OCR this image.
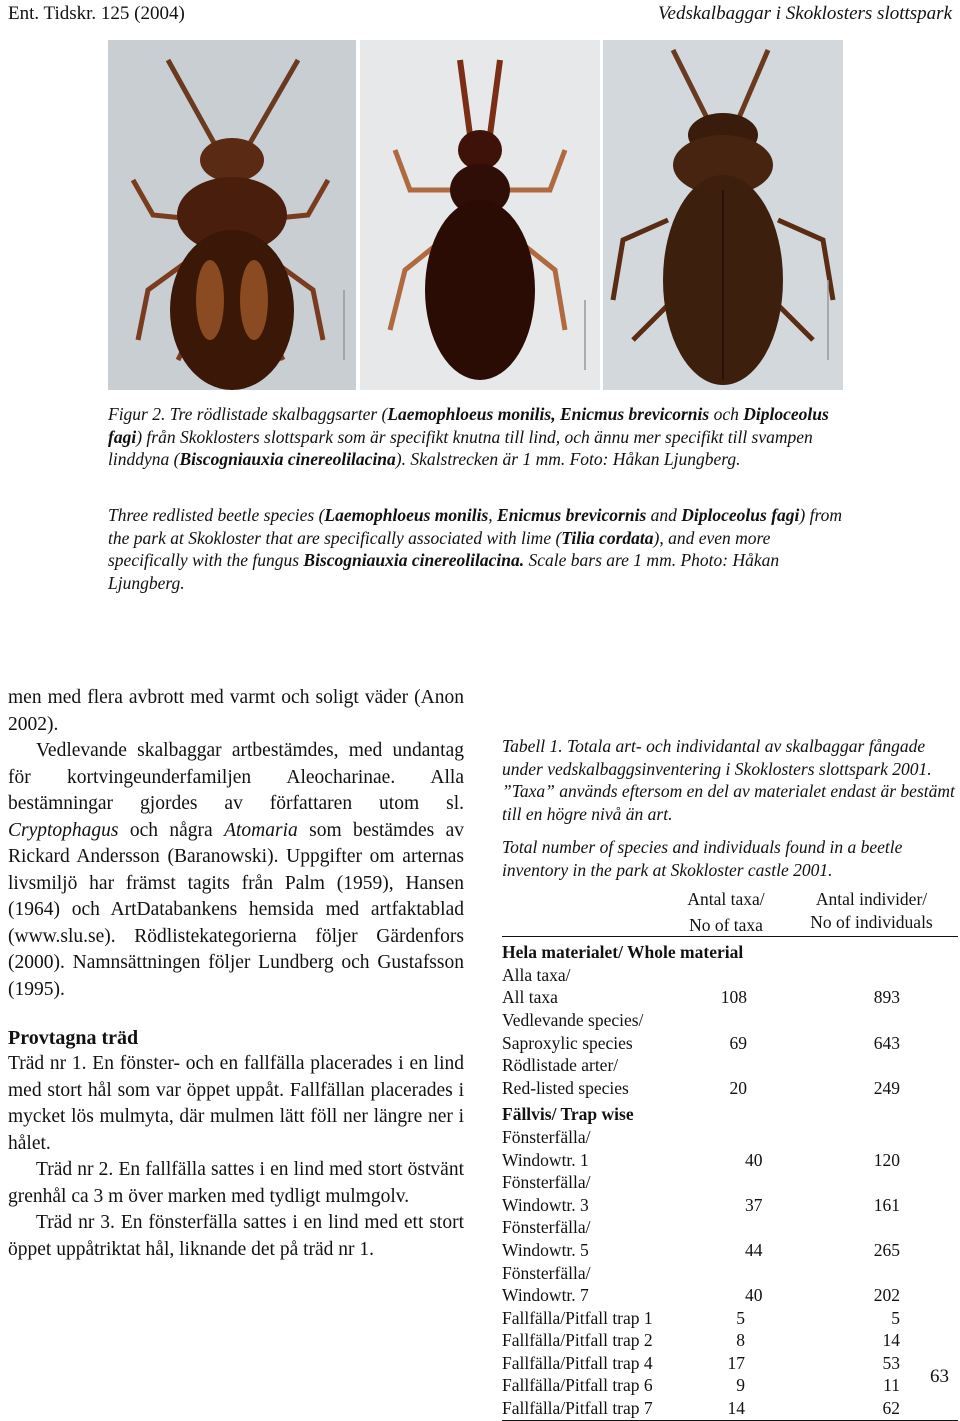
Ent. Tidskr. 125 (2004)	Vedskalbaggar i Skoklosters slottspark

Figur 2. Tre rödlistade skalbaggsarter (Laemophloeus monilis, Enicmus brevicornis och Diploceolus fagi) från Skoklosters slottspark som är specifikt knutna till lind, och ännu mer specifikt till svampen linddyna (Biscogniauxia cinereolilacina). Skalstrecken är 1 mm. Foto: Håkan Ljungberg.

Three redlisted beetle species (Laemophloeus monilis, Enicmus brevicornis and Diploceolus fagi) from the park at Skokloster that are specifically associated with lime (Tilia cordata), and even more specifically with the fungus Biscogniauxia cinereolilacina. Scale bars are 1 mm. Photo: Håkan Ljungberg.

men med flera avbrott med varmt och soligt väder (Anon 2002).

Vedlevande skalbaggar artbestämdes, med undantag för kortvingeunderfamiljen Aleocharinae. Alla bestämningar gjordes av författaren utom sl. Cryptophagus och några Atomaria som bestämdes av Rickard Andersson (Baranowski). Uppgifter om arternas livsmiljö har främst tagits från Palm (1959), Hansen (1964) och ArtDatabankens hemsida med artfaktablad (www.slu.se). Rödlistekategorierna följer Gärdenfors (2000). Namnsättningen följer Lundberg och Gustafsson (1995).

Provtagna träd

Träd nr 1. En fönster- och en fallfälla placerades i en lind med stort hål som var öppet uppåt. Fallfällan placerades i mycket lös mulmyta, där mulmen lätt föll ner längre ner i hålet.

Träd nr 2. En fallfälla sattes i en lind med stort östvänt grenhål ca 3 m över marken med tydligt mulmgolv.

Träd nr 3. En fönsterfälla sattes i en lind med ett stort öppet uppåtriktat hål, liknande det på träd nr 1.

Tabell 1. Totala art- och individantal av skalbaggar fångade under vedskalbaggsinventering i Skoklosters slottspark 2001. ”Taxa” används eftersom en del av materialet endast är bestämt till en högre nivå än art.

Total number of species and individuals found in a beetle inventory in the park at Skokloster castle 2001.

	Antal taxa/	Antal individer/
	No of taxa	No of individuals
Hela materialet/ Whole material		
Alla taxa/		
All taxa	108	893
Vedlevande species/		
Saproxylic species	69	643
Rödlistade arter/		
Red-listed species	20	249
Fällvis/ Trap wise		
Fönsterfälla/ Windowtr. 1	40	120
Fönsterfälla/ Windowtr. 3	37	161
Fönsterfälla/ Windowtr. 5	44	265
Fönsterfälla/ Windowtr. 7	40	202
Fallfälla/Pitfall trap 1	5	5
Fallfälla/Pitfall trap 2	8	14
Fallfälla/Pitfall trap 4	17	53
Fallfälla/Pitfall trap 6	9	11
Fallfälla/Pitfall trap 7	14	62
63
